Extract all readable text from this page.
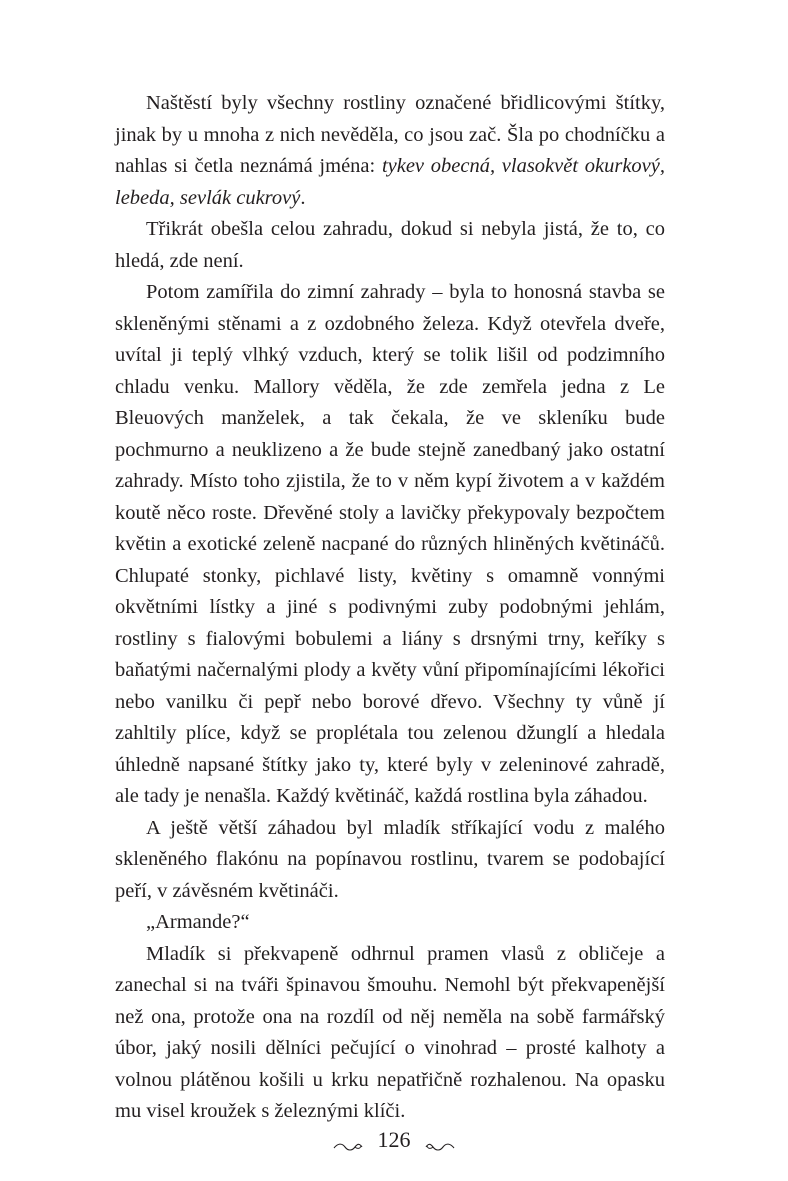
Naštěstí byly všechny rostliny označené břidlicovými štítky, jinak by u mnoha z nich nevěděla, co jsou zač. Šla po chodníčku a nahlas si četla neznámá jména: tykev obecná, vlasokvět okurkový, lebeda, sevlák cukrový.

Třikrát obešla celou zahradu, dokud si nebyla jistá, že to, co hledá, zde není.

Potom zamířila do zimní zahrady – byla to honosná stavba se skleněnými stěnami a z ozdobného železa. Když otevřela dveře, uvítal ji teplý vlhký vzduch, který se tolik lišil od podzimního chladu venku. Mallory věděla, že zde zemřela jedna z Le Bleuových manželek, a tak čekala, že ve skleníku bude pochmurno a neuklizeno a že bude stejně zanedbaný jako ostatní zahrady. Místo toho zjistila, že to v něm kypí životem a v každém koutě něco roste. Dřevěné stoly a lavičky překypovaly bezpočtem květin a exotické zeleně nacpané do různých hliněných květináčů. Chlupaté stonky, pichlavé listy, květiny s omamně vonnými okvětními lístky a jiné s podivnými zuby podobnými jehlám, rostliny s fialovými bobulemi a liány s drsnými trny, keříky s baňatými načernalými plody a květy vůní připomínajícími lékořici nebo vanilku či pepř nebo borové dřevo. Všechny ty vůně jí zahltily plíce, když se proplétala tou zelenou džunglí a hledala úhledně napsané štítky jako ty, které byly v zeleninové zahradě, ale tady je nenašla. Každý květináč, každá rostlina byla záhadou.

A ještě větší záhadou byl mladík stříkající vodu z malého skleněného flakónu na popínavou rostlinu, tvarem se podobající peří, v závěsném květináči.

„Armande?“

Mladík si překvapeně odhrnul pramen vlasů z obličeje a zanechal si na tváři špinavou šmouhu. Nemohl být překvapenější než ona, protože ona na rozdíl od něj neměla na sobě farmářský úbor, jaký nosili dělníci pečující o vinohrad – prosté kalhoty a volnou plátěnou košili u krku nepatřičně rozhalenou. Na opasku mu visel kroužek s železnými klíči.

126
